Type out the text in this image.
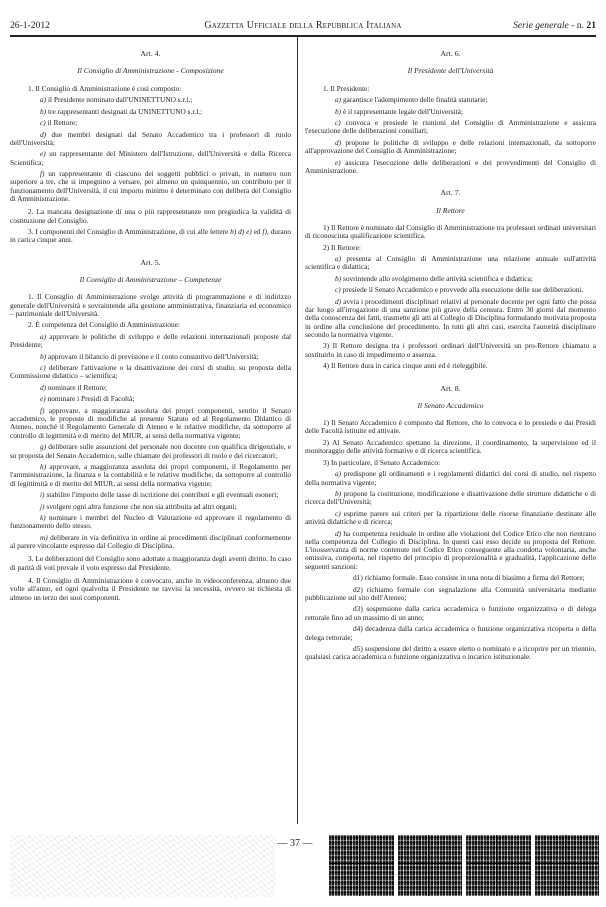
26-1-2012	Gazzetta Ufficiale della Repubblica Italiana	Serie generale - n. 21
Art. 4.
Il Consiglio di Amministrazione - Composizione

1. Il Consiglio di Amministrazione è così composto:

a) il Presidente nominato dall'UNINETTUNO s.r.l.;

b) tre rappresentanti designati da UNINETTUNO s.r.l.;

c) il Rettore;

d) due membri designati dal Senato Accademico tra i professori di ruolo dell'Università;

e) un rappresentante del Ministero dell'Istruzione, dell'Università e della Ricerca Scientifica;

f) un rappresentante di ciascuno dei soggetti pubblici o privati, in numero non superiore a tre, che si impegnino a versare, per almeno un quinquennio, un contributo per il funzionamento dell'Università, il cui importo minimo è determinato con delibera del Consiglio di Amministrazione.

2. La mancata designazione di una o più rappresentanze non pregiudica la validità di costituzione del Consiglio.

3. I componenti del Consiglio di Amministrazione, di cui alle lettere b) d) e) ed f), durano in carica cinque anni.

Art. 5.
Il Consiglio di Amministrazione – Competenze

1. Il Consiglio di Amministrazione svolge attività di programmazione e di indirizzo generale dell'Università e sovraintende alla gestione amministrativa, finanziaria ed economico – patrimoniale dell'Università.

2. È competenza del Consiglio di Amministrazione:

a) approvare le politiche di sviluppo e delle relazioni internazionali proposte dal Presidente;

b) approvare il bilancio di previsione e il conto consuntivo dell'Università;

c) deliberare l'attivazione o la disattivazione dei corsi di studio, su proposta della Commissione didattico – scientifica;

d) nominare il Rettore;

e) nominare i Presidi di Facoltà;

f) approvare, a maggioranza assoluta dei propri componenti, sentito il Senato accademico, le proposte di modifiche al presente Statuto ed al Regolamento Didattico di Ateneo, nonché il Regolamento Generale di Ateneo e le relative modifiche, da sottoporre al controllo di legittimità e di merito del MIUR, ai sensi della normativa vigente;

g) deliberare sulle assunzioni del personale non docente con qualifica dirigenziale, e su proposta del Senato Accademico, sulle chiamate dei professori di ruolo e dei ricercatori;

h) approvare, a maggioranza assoluta dei propri componenti, il Regolamento per l'amministrazione, la finanza e la contabilità e le relative modifiche, da sottoporre al controllo di legittimità e di merito del MIUR, ai sensi della normativa vigente;

i) stabilire l'importo delle tasse di iscrizione dei contributi e gli eventuali esoneri;

j) svolgere ogni altra funzione che non sia attribuita ad altri organi;

k) nominare i membri del Nucleo di Valutazione ed approvare il regolamento di funzionamento dello stesso.

m) deliberare in via definitiva in ordine ai procedimenti disciplinari conformemente al parere vincolante espresso dal Collegio di Disciplina.

3. Le deliberazioni del Consiglio sono adottate a maggioranza degli aventi diritto. In caso di parità di voti prevale il voto espresso dal Presidente.

4. Il Consiglio di Amministrazione è convocato, anche in videoconferenza, almeno due volte all'anno, ed ogni qualvolta il Presidente ne ravvisi la necessità, ovvero su richiesta di almeno un terzo dei suoi componenti.

Art. 6.
Il Presidente dell'Università

1. Il Presidente:

a) garantisce l'adempimento delle finalità statutarie;

b) è il rappresentante legale dell'Università;

c) convoca e presiede le riunioni del Consiglio di Amministrazione e assicura l'esecuzione delle deliberazioni consiliari;

d) propone le politiche di sviluppo e delle relazioni internazionali, da sottoporre all'approvazione del Consiglio di Amministrazione;

e) assicura l'esecuzione delle deliberazioni e dei provvedimenti del Consiglio di Amministrazione.

Art. 7.
Il Rettore

1) Il Rettore è nominato dal Consiglio di Amministrazione tra professori ordinari universitari di riconosciuta qualificazione scientifica.

2) Il Rettore:

a) presenta al Consiglio di Amministrazione una relazione annuale sull'attività scientifica e didattica;

b) sovrintende allo svolgimento delle attività scientifica e didattica;

c) presiede il Senato Accademico e provvede alla esecuzione delle sue deliberazioni.

d) avvia i procedimenti disciplinari relativi al personale docente per ogni fatto che possa dar luogo all'irrogazione di una sanzione più grave della censura. Entro 30 giorni dal momento della conoscenza dei fatti, trasmette gli atti al Collegio di Disciplina formulando motivata proposta in ordine alla conclusione del procedimento. In tutti gli altri casi, esercita l'autorità disciplinare secondo la normativa vigente.

3) Il Rettore designa tra i professori ordinari dell'Università un pro-Rettore chiamato a sostituirlo in caso di impedimento o assenza.

4) Il Rettore dura in carica cinque anni ed è rieleggibile.

Art. 8.
Il Senato Accademico

1) Il Senato Accademico è composto dal Rettore, che lo convoca e lo presiede e dai Presidi delle Facoltà istituite ed attivate.

2) Al Senato Accademico spettano la direzione, il coordinamento, la supervisione ed il monitoraggio delle attività formative e di ricerca scientifica.

3) In particolare, il Senato Accademico:

a) predispone gli ordinamenti e i regolamenti didattici dei corsi di studio, nel rispetto della normativa vigente;

b) propone la costituzione, modificazione e disattivazione delle strutture didattiche e di ricerca dell'Università;

c) esprime parere sui criteri per la ripartizione delle risorse finanziarie destinate alle attività didattiche e di ricerca;

d) ha competenza residuale in ordine alle violazioni del Codice Etico che non rientrano nella competenza del Collegio di Disciplina. In questi casi esso decide su proposta del Rettore. L'inosservanza di norme contenute nel Codice Etico conseguente alla condotta volontaria, anche omissiva, comporta, nel rispetto del principio di proporzionalità e gradualità, l'applicazione delle seguenti sanzioni:

d1) richiamo formale. Esso consiste in una nota di biasimo a firma del Rettore;

d2) richiamo formale con segnalazione alla Comunità universitaria mediante pubblicazione sul sito dell'Ateneo;

d3) sospensione dalla carica accademica o funzione organizzativa o di delega rettorale fino ad un massimo di un anno;

d4) decadenza dalla carica accademica o funzione organizzativa ricoperta o della delega rettorale;

d5) sospensione del diritto a essere eletto o nominato e a ricoprire per un triennio, qualsiasi carica accademica o funzione organizzativa o incarico istituzionale.

— 37 —
